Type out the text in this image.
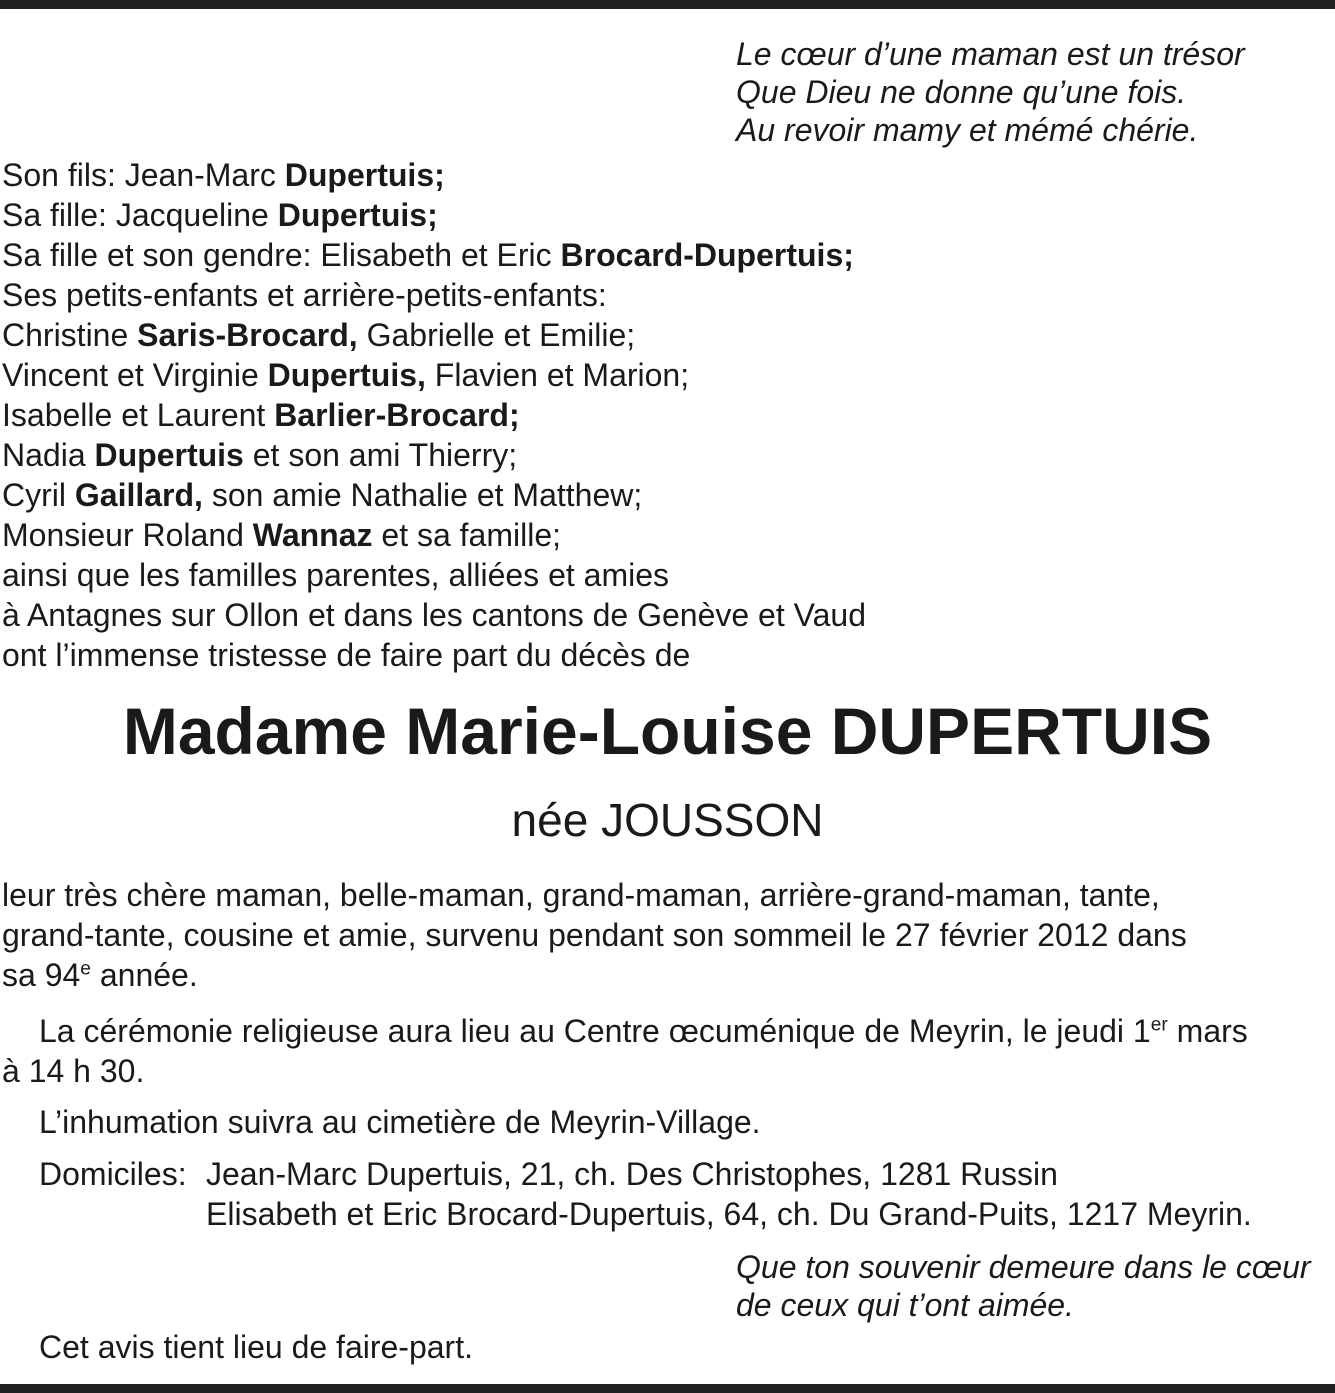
Le cœur d’une maman est un trésor
Que Dieu ne donne qu’une fois.
Au revoir mamy et mémé chérie.
Son fils: Jean-Marc Dupertuis;
Sa fille: Jacqueline Dupertuis;
Sa fille et son gendre: Elisabeth et Eric Brocard-Dupertuis;
Ses petits-enfants et arrière-petits-enfants:
Christine Saris-Brocard, Gabrielle et Emilie;
Vincent et Virginie Dupertuis, Flavien et Marion;
Isabelle et Laurent Barlier-Brocard;
Nadia Dupertuis et son ami Thierry;
Cyril Gaillard, son amie Nathalie et Matthew;
Monsieur Roland Wannaz et sa famille;
ainsi que les familles parentes, alliées et amies
à Antagnes sur Ollon et dans les cantons de Genève et Vaud
ont l’immense tristesse de faire part du décès de
Madame Marie-Louise DUPERTUIS
née JOUSSON
leur très chère maman, belle-maman, grand-maman, arrière-grand-maman, tante,
grand-tante, cousine et amie, survenu pendant son sommeil le 27 février 2012 dans
sa 94e année.
La cérémonie religieuse aura lieu au Centre œcuménique de Meyrin, le jeudi 1er mars
à 14 h 30.
L’inhumation suivra au cimetière de Meyrin-Village.
Domiciles: Jean-Marc Dupertuis, 21, ch. Des Christophes, 1281 Russin
Elisabeth et Eric Brocard-Dupertuis, 64, ch. Du Grand-Puits, 1217 Meyrin.
Que ton souvenir demeure dans le cœur
de ceux qui t’ont aimée.
Cet avis tient lieu de faire-part.
